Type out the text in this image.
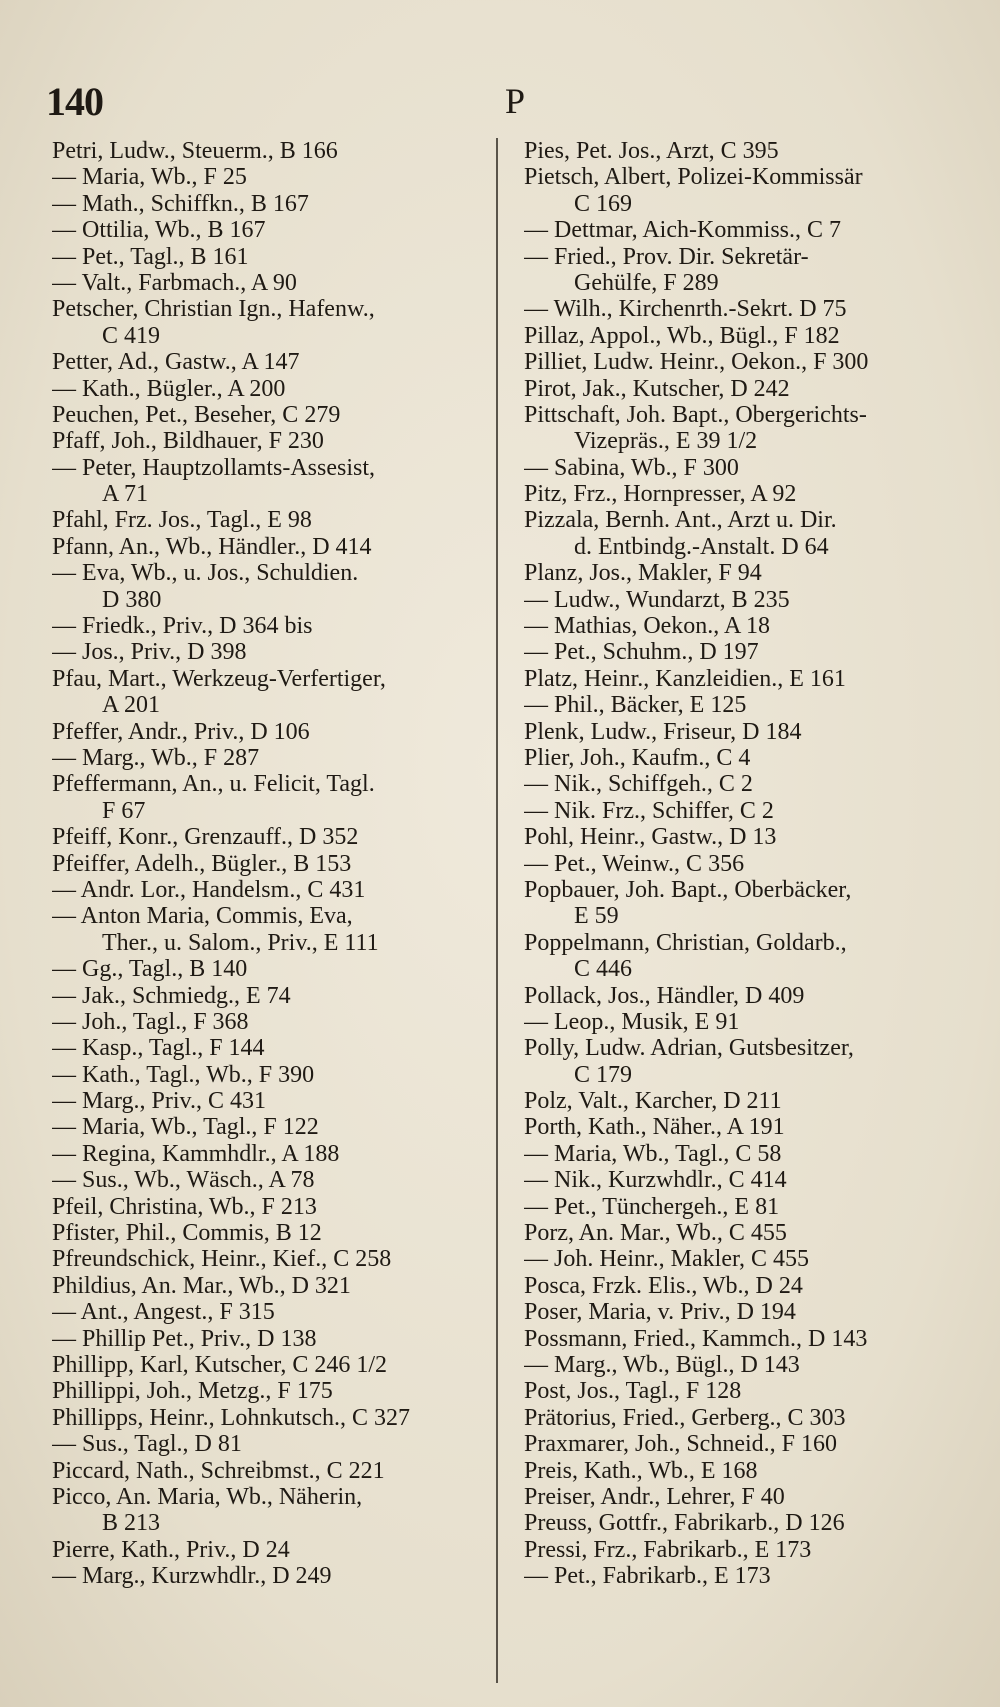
140	P
Petri, Ludw., Steuerm., B 166
— Maria, Wb., F 25
— Math., Schiffkn., B 167
— Ottilia, Wb., B 167
— Pet., Tagl., B 161
— Valt., Farbmach., A 90
Petscher, Christian Ign., Hafenw.,
C 419
Petter, Ad., Gastw., A 147
— Kath., Bügler., A 200
Peuchen, Pet., Beseher, C 279
Pfaff, Joh., Bildhauer, F 230
— Peter, Hauptzollamts-Assesist,
A 71
Pfahl, Frz. Jos., Tagl., E 98
Pfann, An., Wb., Händler., D 414
— Eva, Wb., u. Jos., Schuldien.
D 380
— Friedk., Priv., D 364 bis
— Jos., Priv., D 398
Pfau, Mart., Werkzeug-Verfertiger,
A 201
Pfeffer, Andr., Priv., D 106
— Marg., Wb., F 287
Pfeffermann, An., u. Felicit, Tagl.
F 67
Pfeiff, Konr., Grenzauff., D 352
Pfeiffer, Adelh., Bügler., B 153
— Andr. Lor., Handelsm., C 431
— Anton Maria, Commis, Eva,
Ther., u. Salom., Priv., E 111
— Gg., Tagl., B 140
— Jak., Schmiedg., E 74
— Joh., Tagl., F 368
— Kasp., Tagl., F 144
— Kath., Tagl., Wb., F 390
— Marg., Priv., C 431
— Maria, Wb., Tagl., F 122
— Regina, Kammhdlr., A 188
— Sus., Wb., Wäsch., A 78
Pfeil, Christina, Wb., F 213
Pfister, Phil., Commis, B 12
Pfreundschick, Heinr., Kief., C 258
Phildius, An. Mar., Wb., D 321
— Ant., Angest., F 315
— Phillip Pet., Priv., D 138
Phillipp, Karl, Kutscher, C 246 1/2
Phillippi, Joh., Metzg., F 175
Phillipps, Heinr., Lohnkutsch., C 327
— Sus., Tagl., D 81
Piccard, Nath., Schreibmst., C 221
Picco, An. Maria, Wb., Näherin,
B 213
Pierre, Kath., Priv., D 24
— Marg., Kurzwhdlr., D 249
Pies, Pet. Jos., Arzt, C 395
Pietsch, Albert, Polizei-Kommissär
C 169
— Dettmar, Aich-Kommiss., C 7
— Fried., Prov. Dir. Sekretär-
Gehülfe, F 289
— Wilh., Kirchenrth.-Sekrt. D 75
Pillaz, Appol., Wb., Bügl., F 182
Pilliet, Ludw. Heinr., Oekon., F 300
Pirot, Jak., Kutscher, D 242
Pittschaft, Joh. Bapt., Obergerichts-
Vizepräs., E 39 1/2
— Sabina, Wb., F 300
Pitz, Frz., Hornpresser, A 92
Pizzala, Bernh. Ant., Arzt u. Dir.
d. Entbindg.-Anstalt. D 64
Planz, Jos., Makler, F 94
— Ludw., Wundarzt, B 235
— Mathias, Oekon., A 18
— Pet., Schuhm., D 197
Platz, Heinr., Kanzleidien., E 161
— Phil., Bäcker, E 125
Plenk, Ludw., Friseur, D 184
Plier, Joh., Kaufm., C 4
— Nik., Schiffgeh., C 2
— Nik. Frz., Schiffer, C 2
Pohl, Heinr., Gastw., D 13
— Pet., Weinw., C 356
Popbauer, Joh. Bapt., Oberbäcker,
E 59
Poppelmann, Christian, Goldarb.,
C 446
Pollack, Jos., Händler, D 409
— Leop., Musik, E 91
Polly, Ludw. Adrian, Gutsbesitzer,
C 179
Polz, Valt., Karcher, D 211
Porth, Kath., Näher., A 191
— Maria, Wb., Tagl., C 58
— Nik., Kurzwhdlr., C 414
— Pet., Tünchergeh., E 81
Porz, An. Mar., Wb., C 455
— Joh. Heinr., Makler, C 455
Posca, Frzk. Elis., Wb., D 24
Poser, Maria, v. Priv., D 194
Possmann, Fried., Kammch., D 143
— Marg., Wb., Bügl., D 143
Post, Jos., Tagl., F 128
Prätorius, Fried., Gerberg., C 303
Praxmarer, Joh., Schneid., F 160
Preis, Kath., Wb., E 168
Preiser, Andr., Lehrer, F 40
Preuss, Gottfr., Fabrikarb., D 126
Pressi, Frz., Fabrikarb., E 173
— Pet., Fabrikarb., E 173
